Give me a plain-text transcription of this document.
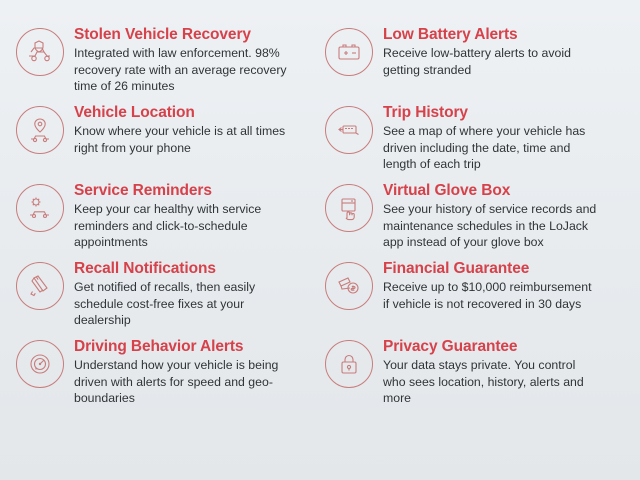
Stolen Vehicle Recovery

Integrated with law enforcement. 98% recovery rate with an average recovery time of 26 minutes

Low Battery Alerts

Receive low-battery alerts to avoid getting stranded

Vehicle Location

Know where your vehicle is at all times right from your phone

Trip History

See a map of where your vehicle has driven including the date, time and length of each trip

Service Reminders

Keep your car healthy with service reminders and click-to-schedule appointments

Virtual Glove Box

See your history of service records and maintenance schedules in the LoJack app instead of your glove box

Recall Notifications

Get notified of recalls, then easily schedule cost-free fixes at your dealership

Financial Guarantee

Receive up to $10,000 reimbursement if vehicle is not recovered in 30 days

Driving Behavior Alerts

Understand how your vehicle is being driven with alerts for speed and geo-boundaries

Privacy Guarantee

Your data stays private. You control who sees location, history, alerts and more
